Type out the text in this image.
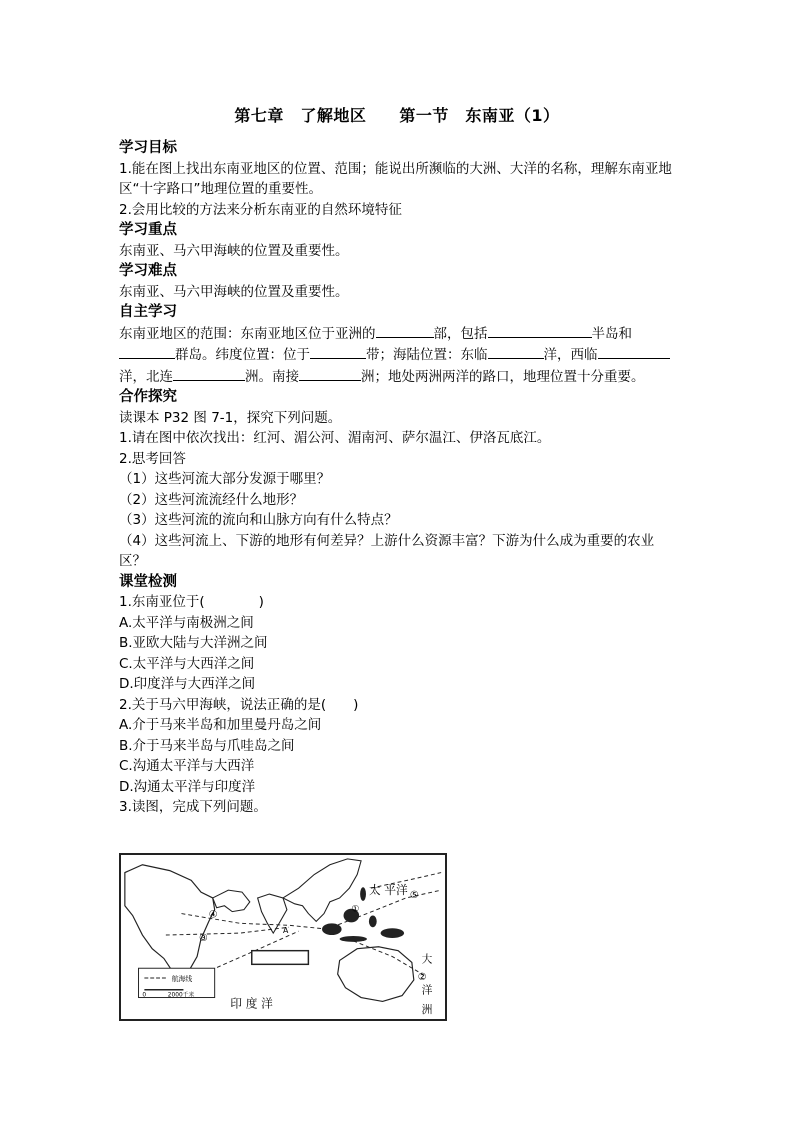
第七章　了解地区　　第一节　东南亚（1）
学习目标
1.能在图上找出东南亚地区的位置、范围；能说出所濒临的大洲、大洋的名称，理解东南亚地区“十字路口”地理位置的重要性。
2.会用比较的方法来分析东南亚的自然环境特征
学习重点
东南亚、马六甲海峡的位置及重要性。
学习难点
东南亚、马六甲海峡的位置及重要性。
自主学习
东南亚地区的范围：东南亚地区位于亚洲的	部，包括	半岛和群岛。纬度位置：位于	带；海陆位置：东临	洋，西临洋，北连	洲。南接	洲；地处两洲两洋的路口，地理位置十分重要。
合作探究
读课本 P32 图 7-1，探究下列问题。
1.请在图中依次找出：红河、湄公河、湄南河、萨尔温江、伊洛瓦底江。
2.思考回答
（1）这些河流大部分发源于哪里？
（2）这些河流流经什么地形？
（3）这些河流的流向和山脉方向有什么特点？
（4）这些河流上、下游的地形有何差异？上游什么资源丰富？下游为什么成为重要的农业区？
课堂检测
1.东南亚位于(　　　　)
A.太平洋与南极洲之间
B.亚欧大陆与大洋洲之间
C.太平洋与大西洋之间
D.印度洋与大西洋之间
2.关于马六甲海峡，说法正确的是(　　)
A.介于马来半岛和加里曼丹岛之间
B.介于马来半岛与爪哇岛之间
C.沟通太平洋与大西洋
D.沟通太平洋与印度洋
3.读图，完成下列问题。
④
③
⑤
②
①
A
太 平洋
印 度 洋
大
洋
洲
航海线
0	2000千米
